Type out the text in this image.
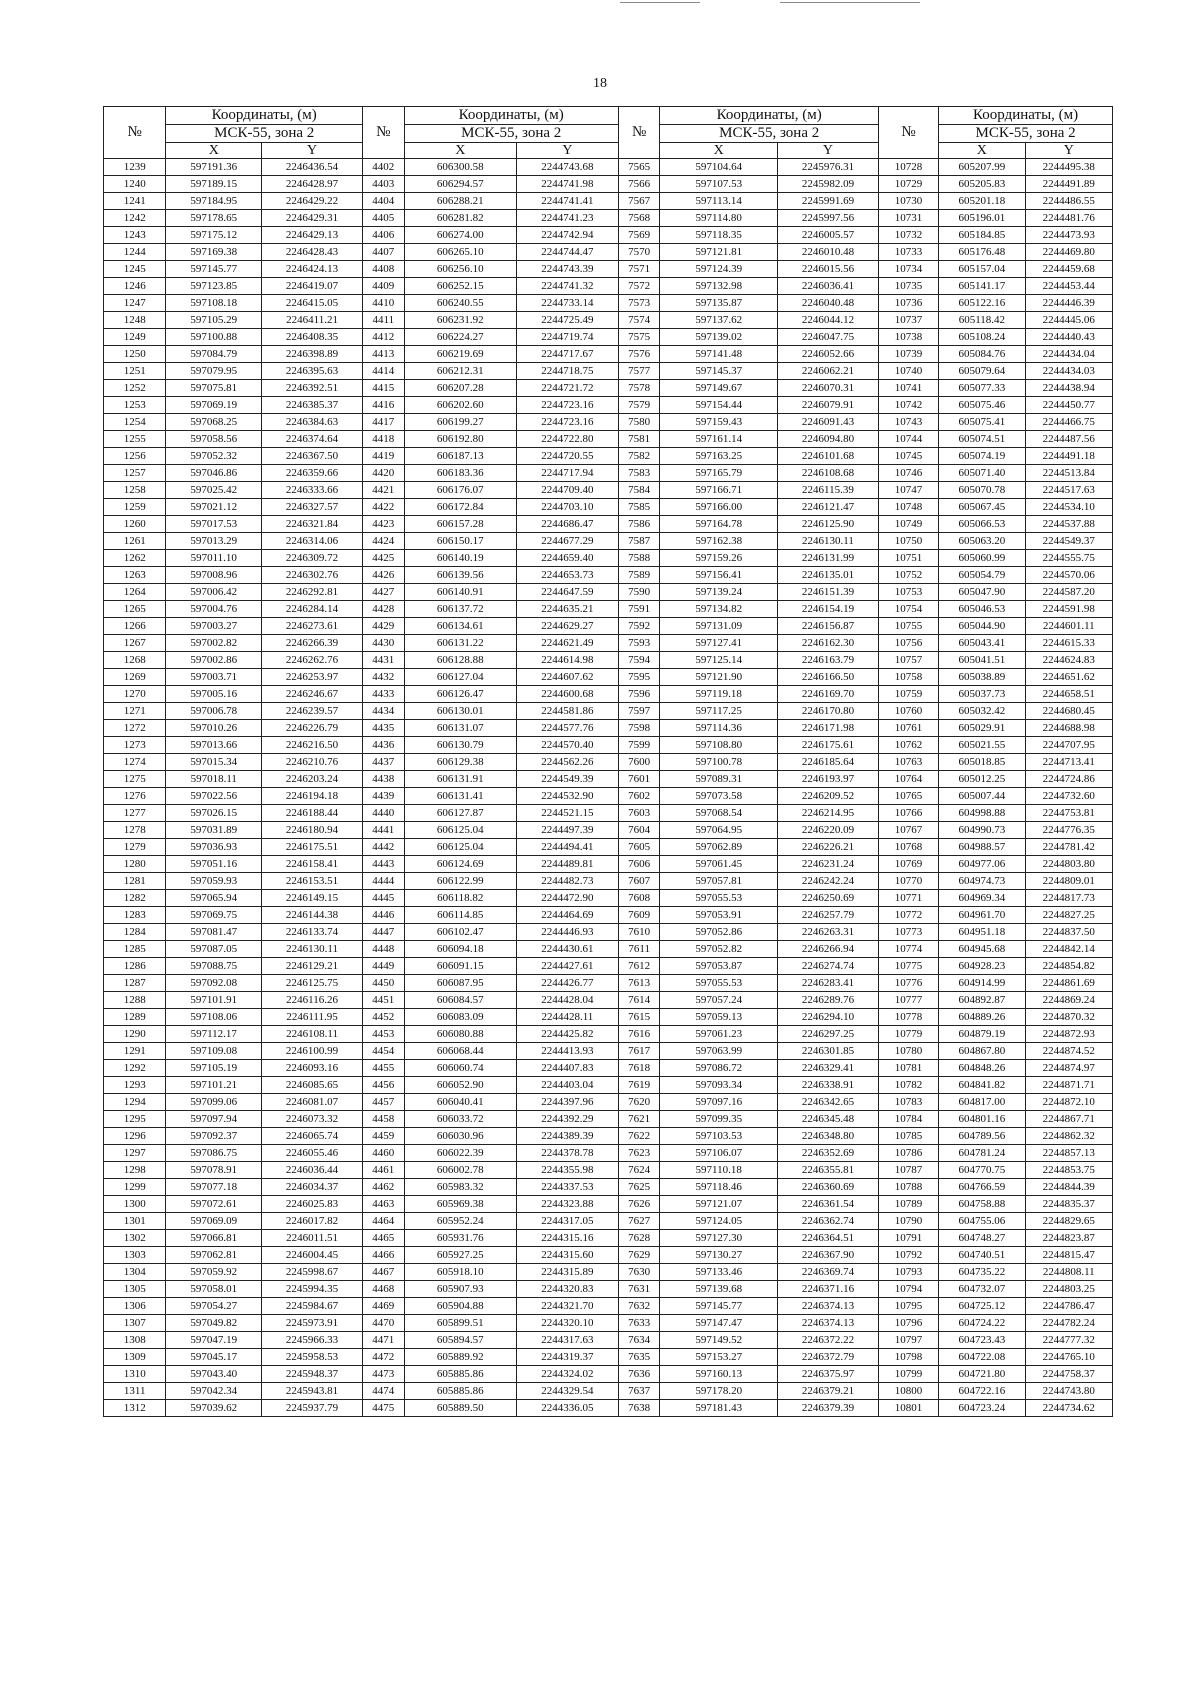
18
№	Координаты, (м)		№	Координаты, (м)		№	Координаты, (м)		№	Координаты, (м)	
	МСК-55, зона 2			МСК-55, зона 2			МСК-55, зона 2			МСК-55, зона 2	
	X	Y		X	Y		X	Y		X	Y
1239	597191.36	2246436.54	4402	606300.58	2244743.68	7565	597104.64	2245976.31	10728	605207.99	2244495.38
1240	597189.15	2246428.97	4403	606294.57	2244741.98	7566	597107.53	2245982.09	10729	605205.83	2244491.89
1241	597184.95	2246429.22	4404	606288.21	2244741.41	7567	597113.14	2245991.69	10730	605201.18	2244486.55
1242	597178.65	2246429.31	4405	606281.82	2244741.23	7568	597114.80	2245997.56	10731	605196.01	2244481.76
1243	597175.12	2246429.13	4406	606274.00	2244742.94	7569	597118.35	2246005.57	10732	605184.85	2244473.93
1244	597169.38	2246428.43	4407	606265.10	2244744.47	7570	597121.81	2246010.48	10733	605176.48	2244469.80
1245	597145.77	2246424.13	4408	606256.10	2244743.39	7571	597124.39	2246015.56	10734	605157.04	2244459.68
1246	597123.85	2246419.07	4409	606252.15	2244741.32	7572	597132.98	2246036.41	10735	605141.17	2244453.44
1247	597108.18	2246415.05	4410	606240.55	2244733.14	7573	597135.87	2246040.48	10736	605122.16	2244446.39
1248	597105.29	2246411.21	4411	606231.92	2244725.49	7574	597137.62	2246044.12	10737	605118.42	2244445.06
1249	597100.88	2246408.35	4412	606224.27	2244719.74	7575	597139.02	2246047.75	10738	605108.24	2244440.43
1250	597084.79	2246398.89	4413	606219.69	2244717.67	7576	597141.48	2246052.66	10739	605084.76	2244434.04
1251	597079.95	2246395.63	4414	606212.31	2244718.75	7577	597145.37	2246062.21	10740	605079.64	2244434.03
1252	597075.81	2246392.51	4415	606207.28	2244721.72	7578	597149.67	2246070.31	10741	605077.33	2244438.94
1253	597069.19	2246385.37	4416	606202.60	2244723.16	7579	597154.44	2246079.91	10742	605075.46	2244450.77
1254	597068.25	2246384.63	4417	606199.27	2244723.16	7580	597159.43	2246091.43	10743	605075.41	2244466.75
1255	597058.56	2246374.64	4418	606192.80	2244722.80	7581	597161.14	2246094.80	10744	605074.51	2244487.56
1256	597052.32	2246367.50	4419	606187.13	2244720.55	7582	597163.25	2246101.68	10745	605074.19	2244491.18
1257	597046.86	2246359.66	4420	606183.36	2244717.94	7583	597165.79	2246108.68	10746	605071.40	2244513.84
1258	597025.42	2246333.66	4421	606176.07	2244709.40	7584	597166.71	2246115.39	10747	605070.78	2244517.63
1259	597021.12	2246327.57	4422	606172.84	2244703.10	7585	597166.00	2246121.47	10748	605067.45	2244534.10
1260	597017.53	2246321.84	4423	606157.28	2244686.47	7586	597164.78	2246125.90	10749	605066.53	2244537.88
1261	597013.29	2246314.06	4424	606150.17	2244677.29	7587	597162.38	2246130.11	10750	605063.20	2244549.37
1262	597011.10	2246309.72	4425	606140.19	2244659.40	7588	597159.26	2246131.99	10751	605060.99	2244555.75
1263	597008.96	2246302.76	4426	606139.56	2244653.73	7589	597156.41	2246135.01	10752	605054.79	2244570.06
1264	597006.42	2246292.81	4427	606140.91	2244647.59	7590	597139.24	2246151.39	10753	605047.90	2244587.20
1265	597004.76	2246284.14	4428	606137.72	2244635.21	7591	597134.82	2246154.19	10754	605046.53	2244591.98
1266	597003.27	2246273.61	4429	606134.61	2244629.27	7592	597131.09	2246156.87	10755	605044.90	2244601.11
1267	597002.82	2246266.39	4430	606131.22	2244621.49	7593	597127.41	2246162.30	10756	605043.41	2244615.33
1268	597002.86	2246262.76	4431	606128.88	2244614.98	7594	597125.14	2246163.79	10757	605041.51	2244624.83
1269	597003.71	2246253.97	4432	606127.04	2244607.62	7595	597121.90	2246166.50	10758	605038.89	2244651.62
1270	597005.16	2246246.67	4433	606126.47	2244600.68	7596	597119.18	2246169.70	10759	605037.73	2244658.51
1271	597006.78	2246239.57	4434	606130.01	2244581.86	7597	597117.25	2246170.80	10760	605032.42	2244680.45
1272	597010.26	2246226.79	4435	606131.07	2244577.76	7598	597114.36	2246171.98	10761	605029.91	2244688.98
1273	597013.66	2246216.50	4436	606130.79	2244570.40	7599	597108.80	2246175.61	10762	605021.55	2244707.95
1274	597015.34	2246210.76	4437	606129.38	2244562.26	7600	597100.78	2246185.64	10763	605018.85	2244713.41
1275	597018.11	2246203.24	4438	606131.91	2244549.39	7601	597089.31	2246193.97	10764	605012.25	2244724.86
1276	597022.56	2246194.18	4439	606131.41	2244532.90	7602	597073.58	2246209.52	10765	605007.44	2244732.60
1277	597026.15	2246188.44	4440	606127.87	2244521.15	7603	597068.54	2246214.95	10766	604998.88	2244753.81
1278	597031.89	2246180.94	4441	606125.04	2244497.39	7604	597064.95	2246220.09	10767	604990.73	2244776.35
1279	597036.93	2246175.51	4442	606125.04	2244494.41	7605	597062.89	2246226.21	10768	604988.57	2244781.42
1280	597051.16	2246158.41	4443	606124.69	2244489.81	7606	597061.45	2246231.24	10769	604977.06	2244803.80
1281	597059.93	2246153.51	4444	606122.99	2244482.73	7607	597057.81	2246242.24	10770	604974.73	2244809.01
1282	597065.94	2246149.15	4445	606118.82	2244472.90	7608	597055.53	2246250.69	10771	604969.34	2244817.73
1283	597069.75	2246144.38	4446	606114.85	2244464.69	7609	597053.91	2246257.79	10772	604961.70	2244827.25
1284	597081.47	2246133.74	4447	606102.47	2244446.93	7610	597052.86	2246263.31	10773	604951.18	2244837.50
1285	597087.05	2246130.11	4448	606094.18	2244430.61	7611	597052.82	2246266.94	10774	604945.68	2244842.14
1286	597088.75	2246129.21	4449	606091.15	2244427.61	7612	597053.87	2246274.74	10775	604928.23	2244854.82
1287	597092.08	2246125.75	4450	606087.95	2244426.77	7613	597055.53	2246283.41	10776	604914.99	2244861.69
1288	597101.91	2246116.26	4451	606084.57	2244428.04	7614	597057.24	2246289.76	10777	604892.87	2244869.24
1289	597108.06	2246111.95	4452	606083.09	2244428.11	7615	597059.13	2246294.10	10778	604889.26	2244870.32
1290	597112.17	2246108.11	4453	606080.88	2244425.82	7616	597061.23	2246297.25	10779	604879.19	2244872.93
1291	597109.08	2246100.99	4454	606068.44	2244413.93	7617	597063.99	2246301.85	10780	604867.80	2244874.52
1292	597105.19	2246093.16	4455	606060.74	2244407.83	7618	597086.72	2246329.41	10781	604848.26	2244874.97
1293	597101.21	2246085.65	4456	606052.90	2244403.04	7619	597093.34	2246338.91	10782	604841.82	2244871.71
1294	597099.06	2246081.07	4457	606040.41	2244397.96	7620	597097.16	2246342.65	10783	604817.00	2244872.10
1295	597097.94	2246073.32	4458	606033.72	2244392.29	7621	597099.35	2246345.48	10784	604801.16	2244867.71
1296	597092.37	2246065.74	4459	606030.96	2244389.39	7622	597103.53	2246348.80	10785	604789.56	2244862.32
1297	597086.75	2246055.46	4460	606022.39	2244378.78	7623	597106.07	2246352.69	10786	604781.24	2244857.13
1298	597078.91	2246036.44	4461	606002.78	2244355.98	7624	597110.18	2246355.81	10787	604770.75	2244853.75
1299	597077.18	2246034.37	4462	605983.32	2244337.53	7625	597118.46	2246360.69	10788	604766.59	2244844.39
1300	597072.61	2246025.83	4463	605969.38	2244323.88	7626	597121.07	2246361.54	10789	604758.88	2244835.37
1301	597069.09	2246017.82	4464	605952.24	2244317.05	7627	597124.05	2246362.74	10790	604755.06	2244829.65
1302	597066.81	2246011.51	4465	605931.76	2244315.16	7628	597127.30	2246364.51	10791	604748.27	2244823.87
1303	597062.81	2246004.45	4466	605927.25	2244315.60	7629	597130.27	2246367.90	10792	604740.51	2244815.47
1304	597059.92	2245998.67	4467	605918.10	2244315.89	7630	597133.46	2246369.74	10793	604735.22	2244808.11
1305	597058.01	2245994.35	4468	605907.93	2244320.83	7631	597139.68	2246371.16	10794	604732.07	2244803.25
1306	597054.27	2245984.67	4469	605904.88	2244321.70	7632	597145.77	2246374.13	10795	604725.12	2244786.47
1307	597049.82	2245973.91	4470	605899.51	2244320.10	7633	597147.47	2246374.13	10796	604724.22	2244782.24
1308	597047.19	2245966.33	4471	605894.57	2244317.63	7634	597149.52	2246372.22	10797	604723.43	2244777.32
1309	597045.17	2245958.53	4472	605889.92	2244319.37	7635	597153.27	2246372.79	10798	604722.08	2244765.10
1310	597043.40	2245948.37	4473	605885.86	2244324.02	7636	597160.13	2246375.97	10799	604721.80	2244758.37
1311	597042.34	2245943.81	4474	605885.86	2244329.54	7637	597178.20	2246379.21	10800	604722.16	2244743.80
1312	597039.62	2245937.79	4475	605889.50	2244336.05	7638	597181.43	2246379.39	10801	604723.24	2244734.62
